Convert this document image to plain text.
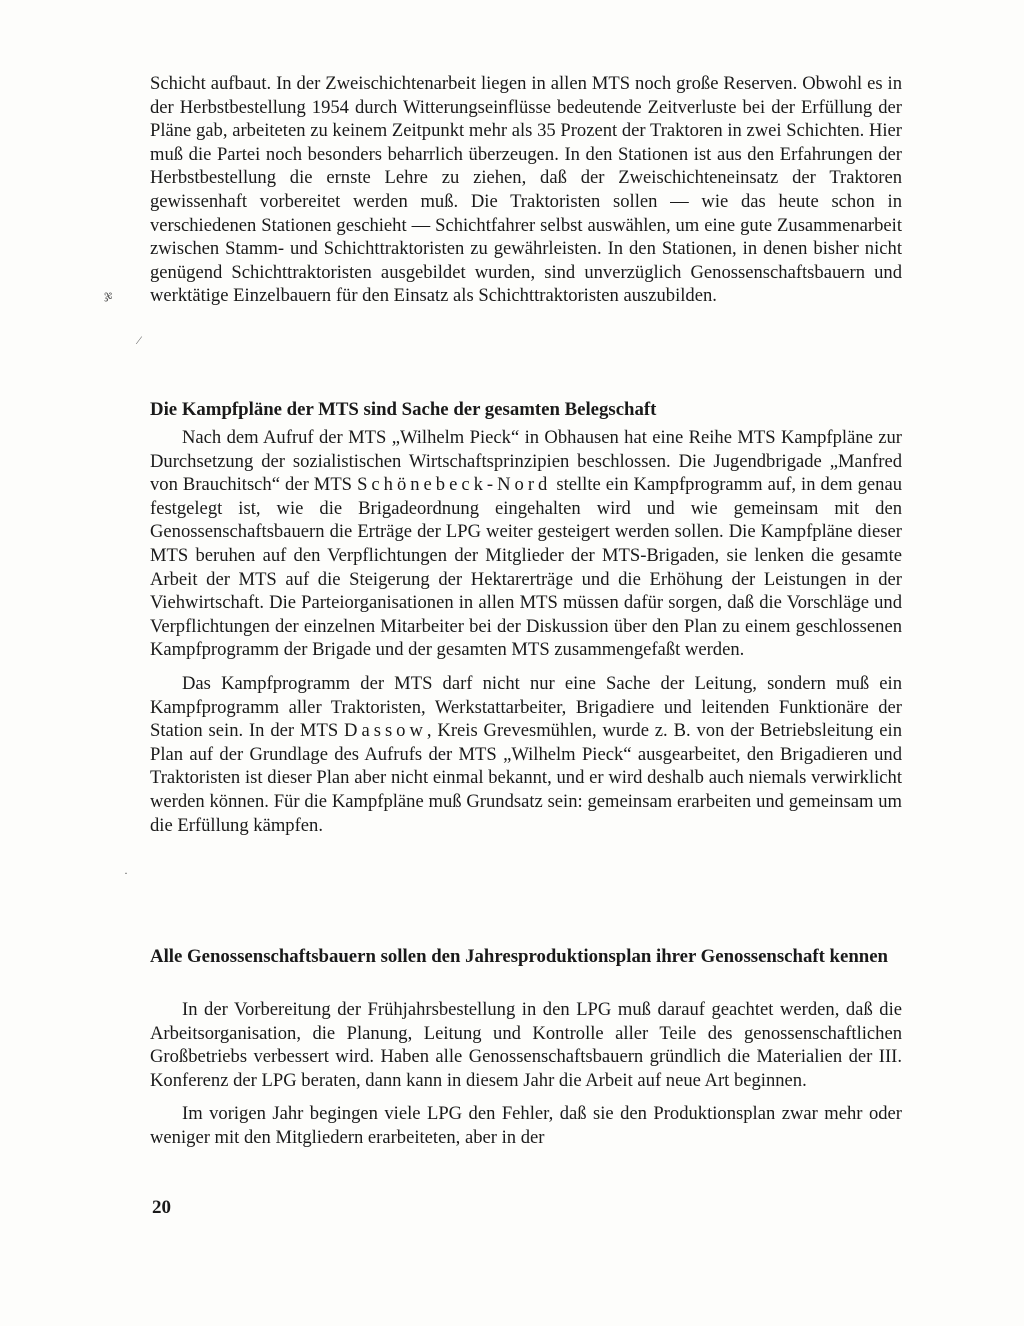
ჯ
⁄
·

Schicht aufbaut. In der Zweischichtenarbeit liegen in allen MTS noch große Reserven. Obwohl es in der Herbstbestellung 1954 durch Witterungseinflüsse bedeutende Zeitverluste bei der Erfüllung der Pläne gab, arbeiteten zu keinem Zeitpunkt mehr als 35 Prozent der Traktoren in zwei Schichten. Hier muß die Partei noch besonders beharrlich überzeugen. In den Stationen ist aus den Erfahrungen der Herbstbestellung die ernste Lehre zu ziehen, daß der Zweischichteneinsatz der Traktoren gewissenhaft vorbereitet werden muß. Die Traktoristen sollen — wie das heute schon in verschiedenen Stationen geschieht — Schichtfahrer selbst auswählen, um eine gute Zusammenarbeit zwischen Stamm- und Schichttraktoristen zu gewährleisten. In den Stationen, in denen bisher nicht genügend Schichttraktoristen ausgebildet wurden, sind unverzüglich Genossenschaftsbauern und werktätige Einzelbauern für den Einsatz als Schichttraktoristen auszubilden.

Die Kampfpläne der MTS sind Sache der gesamten Belegschaft

Nach dem Aufruf der MTS „Wilhelm Pieck“ in Obhausen hat eine Reihe MTS Kampfpläne zur Durchsetzung der sozialistischen Wirtschaftsprinzipien beschlossen. Die Jugendbrigade „Manfred von Brauchitsch“ der MTS Schönebeck-Nord stellte ein Kampfprogramm auf, in dem genau festgelegt ist, wie die Brigadeordnung eingehalten wird und wie gemeinsam mit den Genossenschaftsbauern die Erträge der LPG weiter gesteigert werden sollen. Die Kampfpläne dieser MTS beruhen auf den Verpflichtungen der Mitglieder der MTS-Brigaden, sie lenken die gesamte Arbeit der MTS auf die Steigerung der Hektarerträge und die Erhöhung der Leistungen in der Viehwirtschaft. Die Parteiorganisationen in allen MTS müssen dafür sorgen, daß die Vorschläge und Verpflichtungen der einzelnen Mitarbeiter bei der Diskussion über den Plan zu einem geschlossenen Kampfprogramm der Brigade und der gesamten MTS zusammengefaßt werden.

Das Kampfprogramm der MTS darf nicht nur eine Sache der Leitung, sondern muß ein Kampfprogramm aller Traktoristen, Werkstattarbeiter, Brigadiere und leitenden Funktionäre der Station sein. In der MTS Dassow, Kreis Grevesmühlen, wurde z. B. von der Betriebsleitung ein Plan auf der Grundlage des Aufrufs der MTS „Wilhelm Pieck“ ausgearbeitet, den Brigadieren und Traktoristen ist dieser Plan aber nicht einmal bekannt, und er wird deshalb auch niemals verwirklicht werden können. Für die Kampfpläne muß Grundsatz sein: gemeinsam erarbeiten und gemeinsam um die Erfüllung kämpfen.

Alle Genossenschaftsbauern sollen den Jahresproduktionsplan ihrer Genossenschaft kennen

In der Vorbereitung der Frühjahrsbestellung in den LPG muß darauf geachtet werden, daß die Arbeitsorganisation, die Planung, Leitung und Kontrolle aller Teile des genossenschaftlichen Großbetriebs verbessert wird. Haben alle Genossenschaftsbauern gründlich die Materialien der III. Konferenz der LPG beraten, dann kann in diesem Jahr die Arbeit auf neue Art beginnen.

Im vorigen Jahr begingen viele LPG den Fehler, daß sie den Produktionsplan zwar mehr oder weniger mit den Mitgliedern erarbeiteten, aber in der

20
